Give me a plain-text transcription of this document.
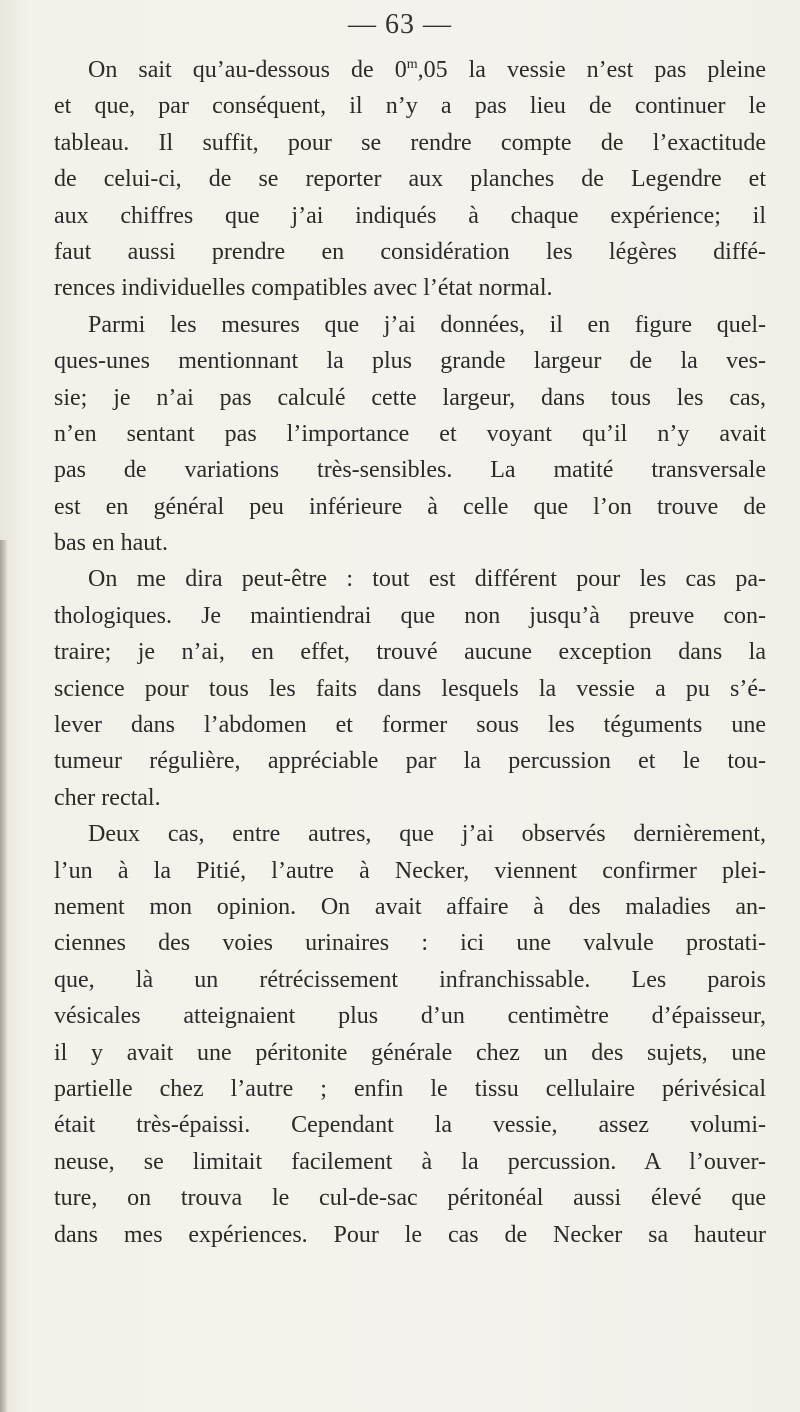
— 63 —
On sait qu’au-dessous de 0$^m$,05 la vessie n’est pas pleine
et que, par conséquent, il n’y a pas lieu de continuer le
tableau. Il suffit, pour se rendre compte de l’exactitude
de celui-ci, de se reporter aux planches de Legendre et
aux chiffres que j’ai indiqués à chaque expérience; il
faut aussi prendre en considération les légères diffé-
rences individuelles compatibles avec l’état normal.
Parmi les mesures que j’ai données, il en figure quel-
ques-unes mentionnant la plus grande largeur de la ves-
sie; je n’ai pas calculé cette largeur, dans tous les cas,
n’en sentant pas l’importance et voyant qu’il n’y avait
pas de variations très-sensibles. La matité transversale
est en général peu inférieure à celle que l’on trouve de
bas en haut.
On me dira peut-être : tout est différent pour les cas pa-
thologiques. Je maintiendrai que non jusqu’à preuve con-
traire; je n’ai, en effet, trouvé aucune exception dans la
science pour tous les faits dans lesquels la vessie a pu s’é-
lever dans l’abdomen et former sous les téguments une
tumeur régulière, appréciable par la percussion et le tou-
cher rectal.
Deux cas, entre autres, que j’ai observés dernièrement,
l’un à la Pitié, l’autre à Necker, viennent confirmer plei-
nement mon opinion. On avait affaire à des maladies an-
ciennes des voies urinaires : ici une valvule prostati-
que, là un rétrécissement infranchissable. Les parois
vésicales atteignaient plus d’un centimètre d’épaisseur,
il y avait une péritonite générale chez un des sujets, une
partielle chez l’autre ; enfin le tissu cellulaire périvésical
était très-épaissi. Cependant la vessie, assez volumi-
neuse, se limitait facilement à la percussion. A l’ouver-
ture, on trouva le cul-de-sac péritonéal aussi élevé que
dans mes expériences. Pour le cas de Necker sa hauteur
